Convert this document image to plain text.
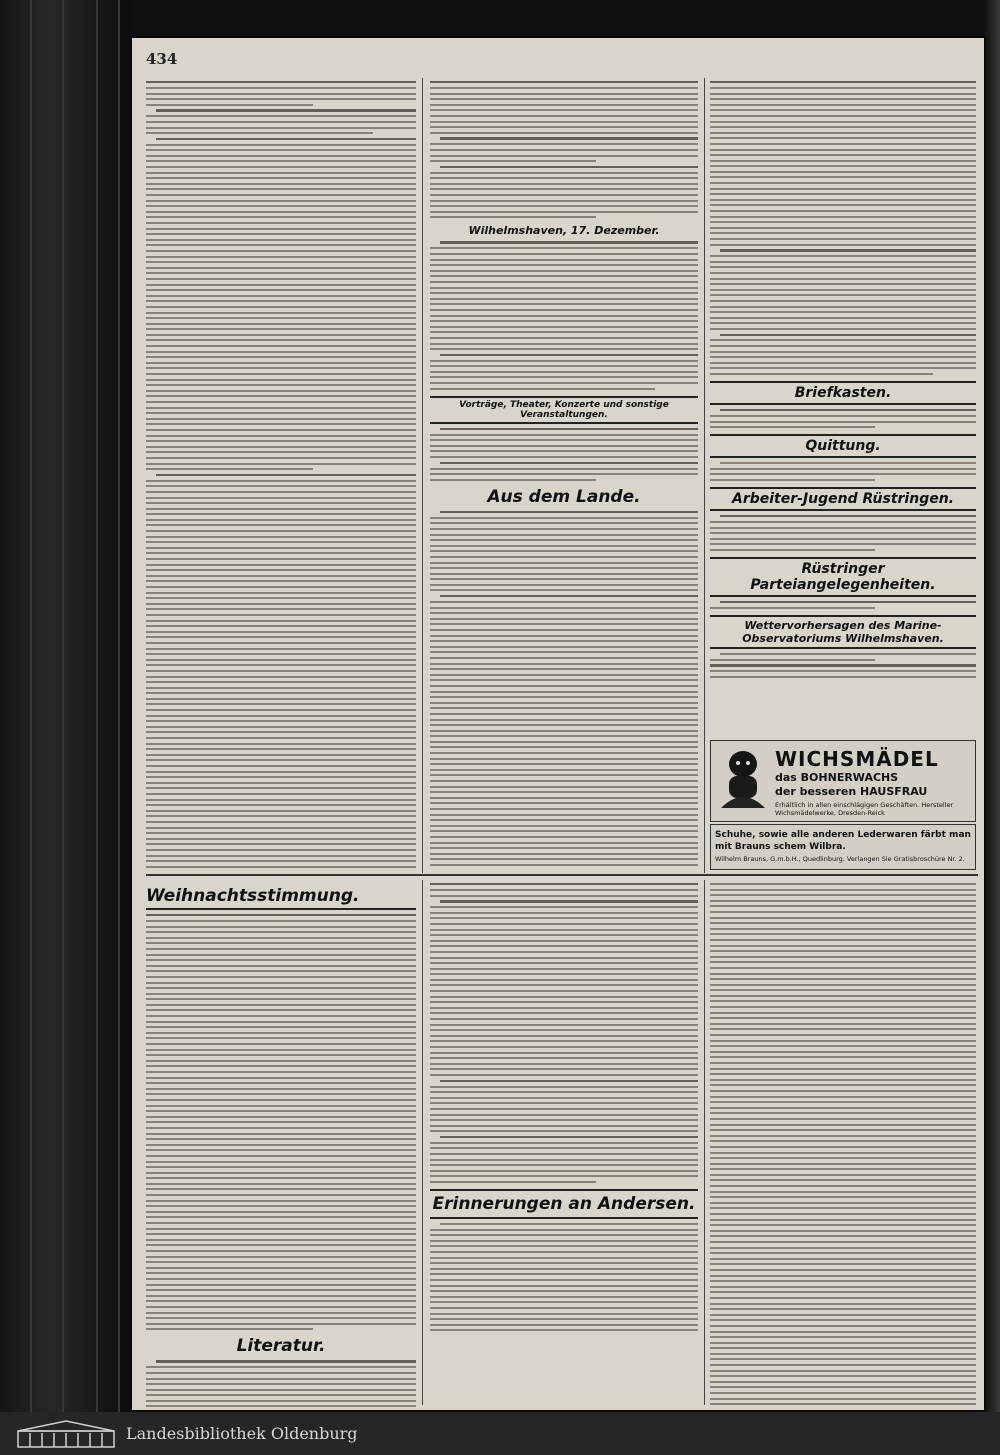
434
Wilhelmshaven, 17. Dezember.
Vorträge, Theater, Konzerte und sonstige Veranstaltungen.
Aus dem Lande.
Briefkasten.
Quittung.
Arbeiter-Jugend Rüstringen.
Rüstringer Parteiangelegenheiten.
Wettervorhersagen des Marine-Observatoriums Wilhelmshaven.
WICHSMÄDEL
das BOHNERWACHS
der besseren HAUSFRAU
Erhältlich in allen einschlägigen Geschäften. Hersteller Wichsmädelwerke, Dresden-Reick
Schuhe, sowie alle anderen Lederwaren färbt man mit Brauns schem Wilbra.
Wilhelm Brauns, G.m.b.H., Quedlinburg. Verlangen Sie Gratisbroschüre Nr. 2.
Weihnachtsstimmung.
Literatur.
Erinnerungen an Andersen.
Landesbibliothek Oldenburg
